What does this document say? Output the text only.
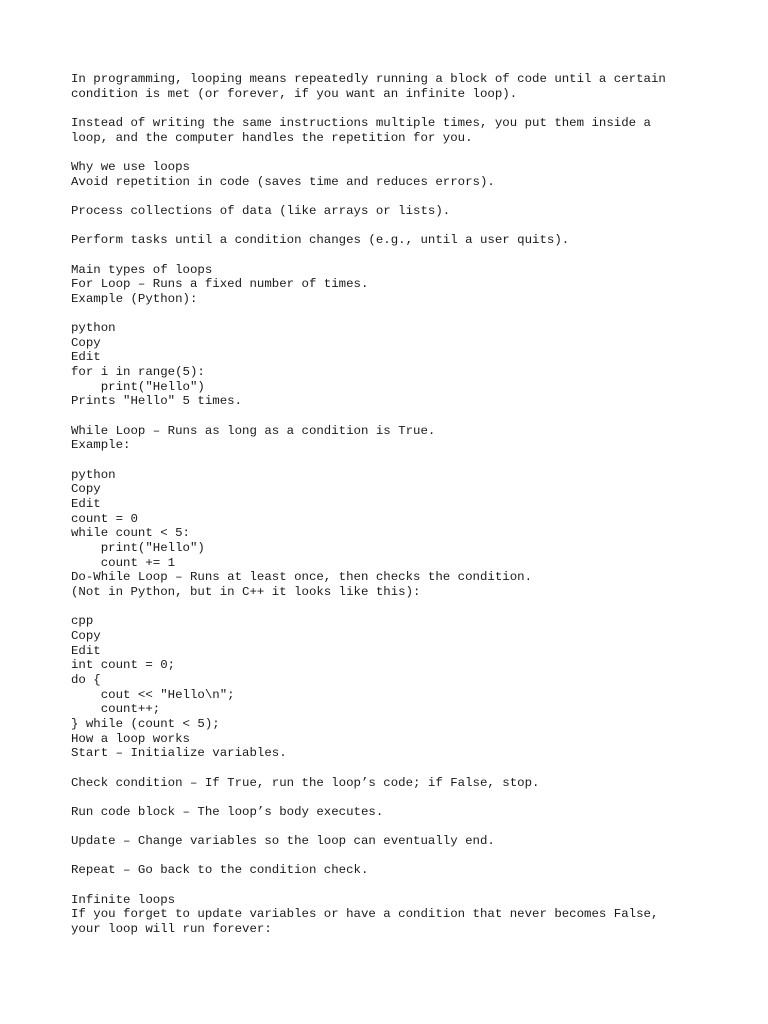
In programming, looping means repeatedly running a block of code until a certain
condition is met (or forever, if you want an infinite loop).
Instead of writing the same instructions multiple times, you put them inside a
loop, and the computer handles the repetition for you.
Why we use loops
Avoid repetition in code (saves time and reduces errors).
Process collections of data (like arrays or lists).
Perform tasks until a condition changes (e.g., until a user quits).
Main types of loops
For Loop – Runs a fixed number of times.
Example (Python):
python
Copy
Edit
for i in range(5):
print("Hello")
Prints "Hello" 5 times.
While Loop – Runs as long as a condition is True.
Example:
python
Copy
Edit
count = 0
while count < 5:
print("Hello")
count += 1
Do-While Loop – Runs at least once, then checks the condition.
(Not in Python, but in C++ it looks like this):
cpp
Copy
Edit
int count = 0;
do {
cout << "Hello\n";
count++;
} while (count < 5);
How a loop works
Start – Initialize variables.
Check condition – If True, run the loop’s code; if False, stop.
Run code block – The loop’s body executes.
Update – Change variables so the loop can eventually end.
Repeat – Go back to the condition check.
Infinite loops
If you forget to update variables or have a condition that never becomes False,
your loop will run forever:
